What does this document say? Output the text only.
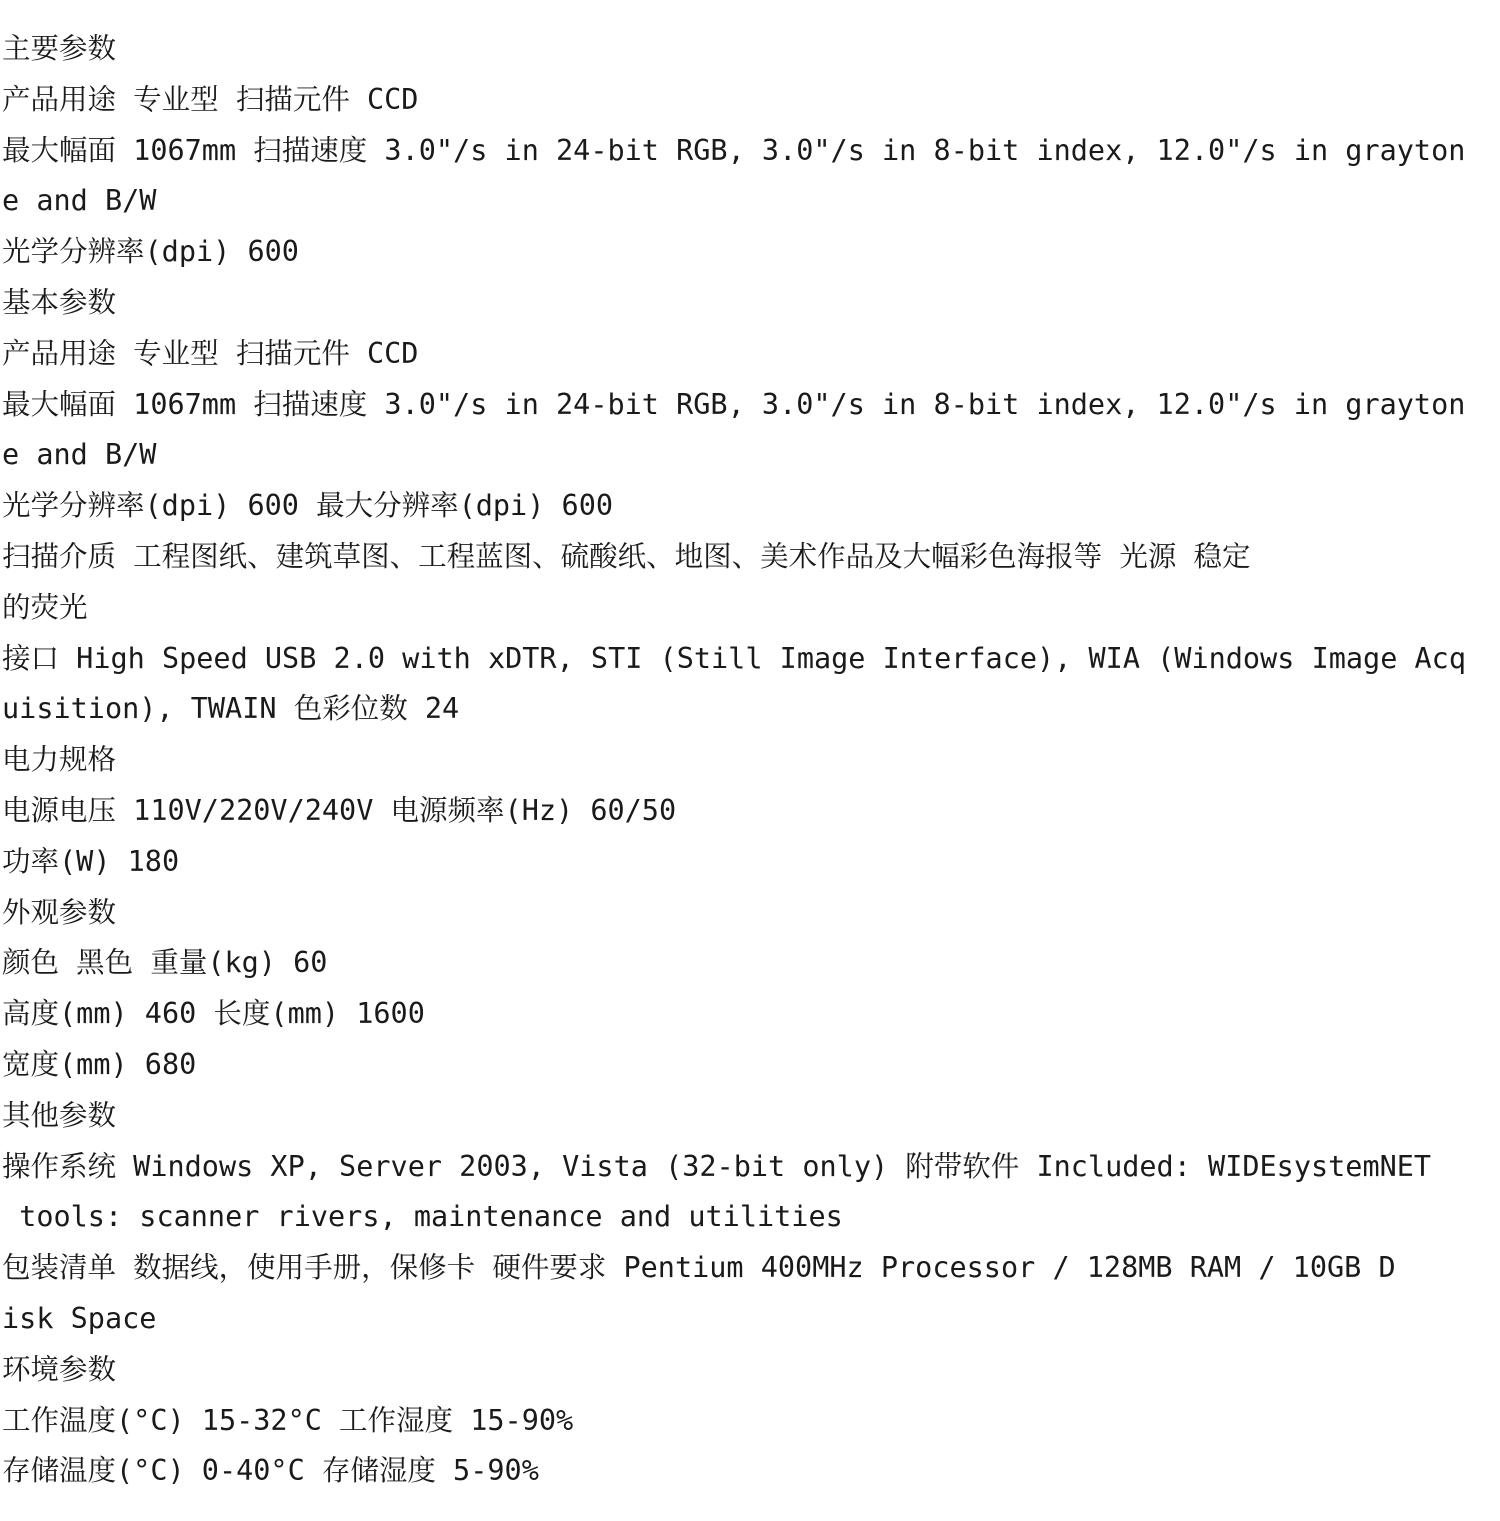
主要参数
产品用途 专业型 扫描元件 CCD
最大幅面 1067mm 扫描速度 3.0"/s in 24-bit RGB, 3.0"/s in 8-bit index, 12.0"/s in grayton
e and B/W
光学分辨率(dpi) 600
基本参数
产品用途 专业型 扫描元件 CCD
最大幅面 1067mm 扫描速度 3.0"/s in 24-bit RGB, 3.0"/s in 8-bit index, 12.0"/s in grayton
e and B/W
光学分辨率(dpi) 600 最大分辨率(dpi) 600
扫描介质 工程图纸、建筑草图、工程蓝图、硫酸纸、地图、美术作品及大幅彩色海报等 光源 稳定
的荧光
接口 High Speed USB 2.0 with xDTR, STI (Still Image Interface), WIA (Windows Image Acq
uisition), TWAIN 色彩位数 24
电力规格
电源电压 110V/220V/240V 电源频率(Hz) 60/50
功率(W) 180
外观参数
颜色 黑色 重量(kg) 60
高度(mm) 460 长度(mm) 1600
宽度(mm) 680
其他参数
操作系统 Windows XP, Server 2003, Vista (32-bit only) 附带软件 Included: WIDEsystemNET
tools: scanner rivers, maintenance and utilities
包装清单 数据线，使用手册，保修卡 硬件要求 Pentium 400MHz Processor / 128MB RAM / 10GB D
isk Space
环境参数
工作温度(°C) 15-32°C 工作湿度 15-90%
存储温度(°C) 0-40°C 存储湿度 5-90%
